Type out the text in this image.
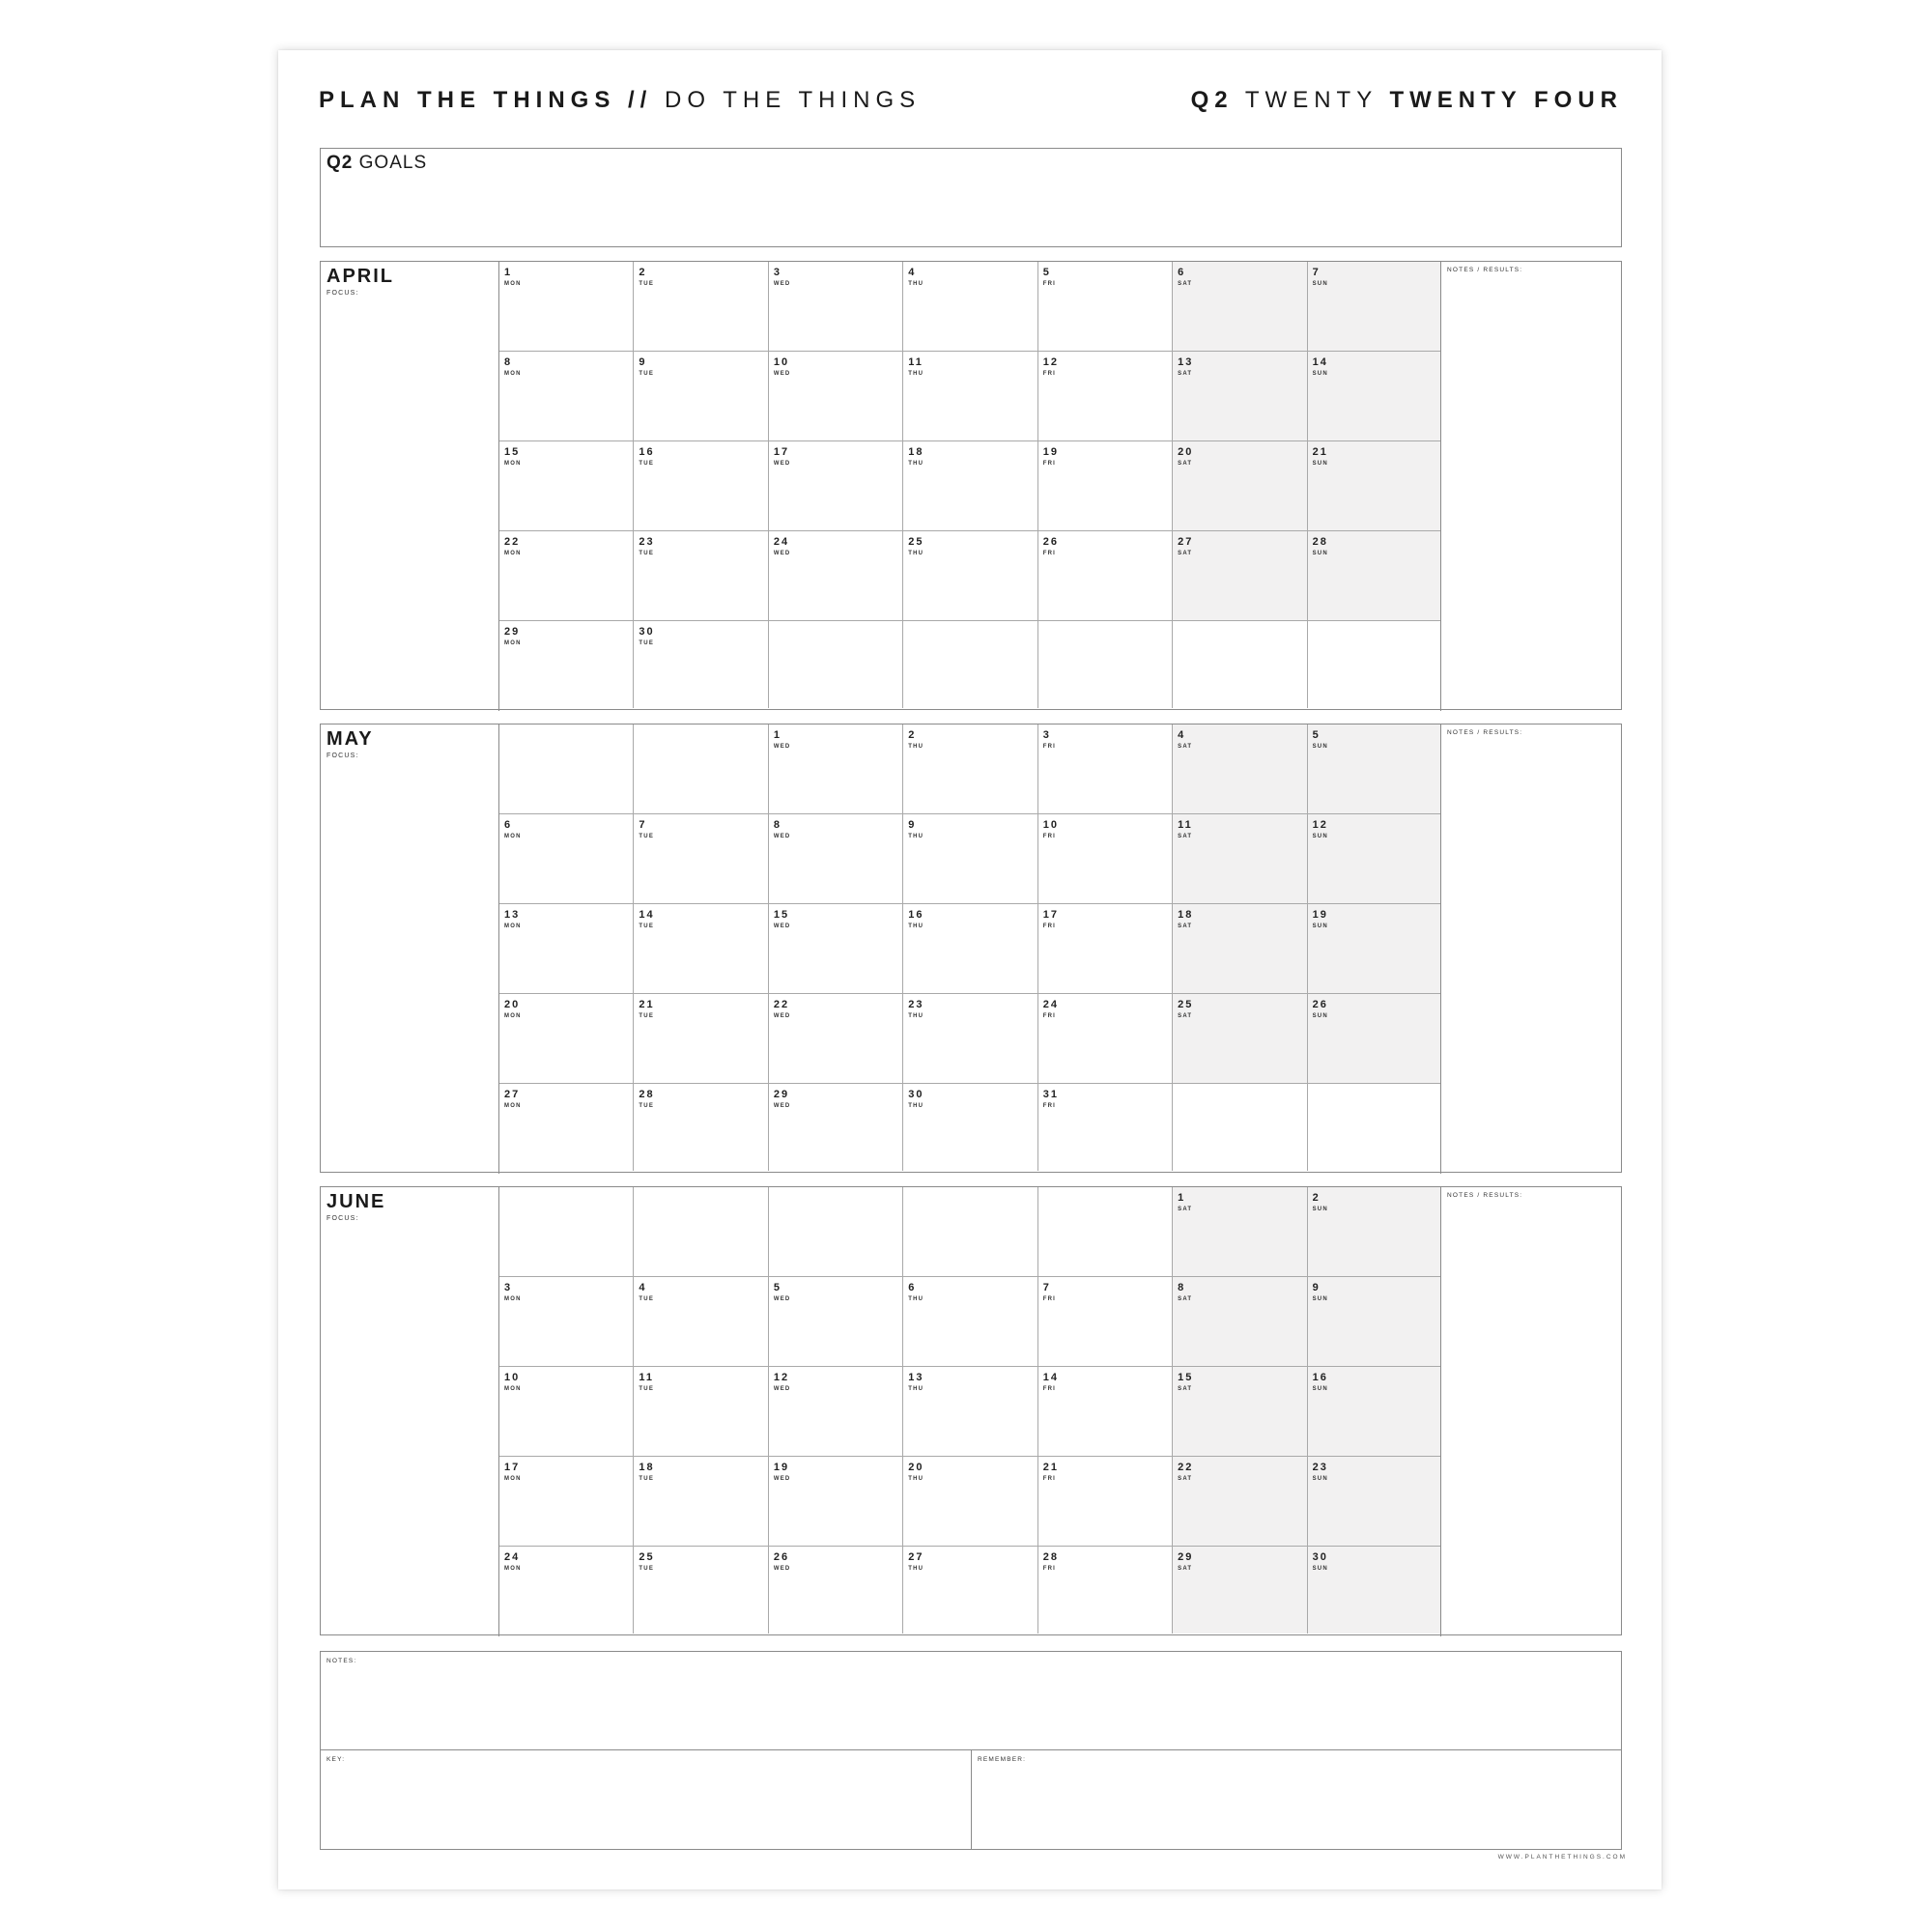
PLAN THE THINGS // DO THE THINGS	Q2 TWENTY TWENTY FOUR
Q2 GOALS
APRIL
FOCUS:
1
MON
2
TUE
3
WED
4
THU
5
FRI
6
SAT
7
SUN
8
MON
9
TUE
10
WED
11
THU
12
FRI
13
SAT
14
SUN
15
MON
16
TUE
17
WED
18
THU
19
FRI
20
SAT
21
SUN
22
MON
23
TUE
24
WED
25
THU
26
FRI
27
SAT
28
SUN
29
MON
30
TUE
NOTES / RESULTS:
MAY
FOCUS:
1
WED
2
THU
3
FRI
4
SAT
5
SUN
6
MON
7
TUE
8
WED
9
THU
10
FRI
11
SAT
12
SUN
13
MON
14
TUE
15
WED
16
THU
17
FRI
18
SAT
19
SUN
20
MON
21
TUE
22
WED
23
THU
24
FRI
25
SAT
26
SUN
27
MON
28
TUE
29
WED
30
THU
31
FRI
NOTES / RESULTS:
JUNE
FOCUS:
1
SAT
2
SUN
3
MON
4
TUE
5
WED
6
THU
7
FRI
8
SAT
9
SUN
10
MON
11
TUE
12
WED
13
THU
14
FRI
15
SAT
16
SUN
17
MON
18
TUE
19
WED
20
THU
21
FRI
22
SAT
23
SUN
24
MON
25
TUE
26
WED
27
THU
28
FRI
29
SAT
30
SUN
NOTES / RESULTS:
NOTES:
KEY:	REMEMBER:
WWW.PLANTHETHINGS.COM
